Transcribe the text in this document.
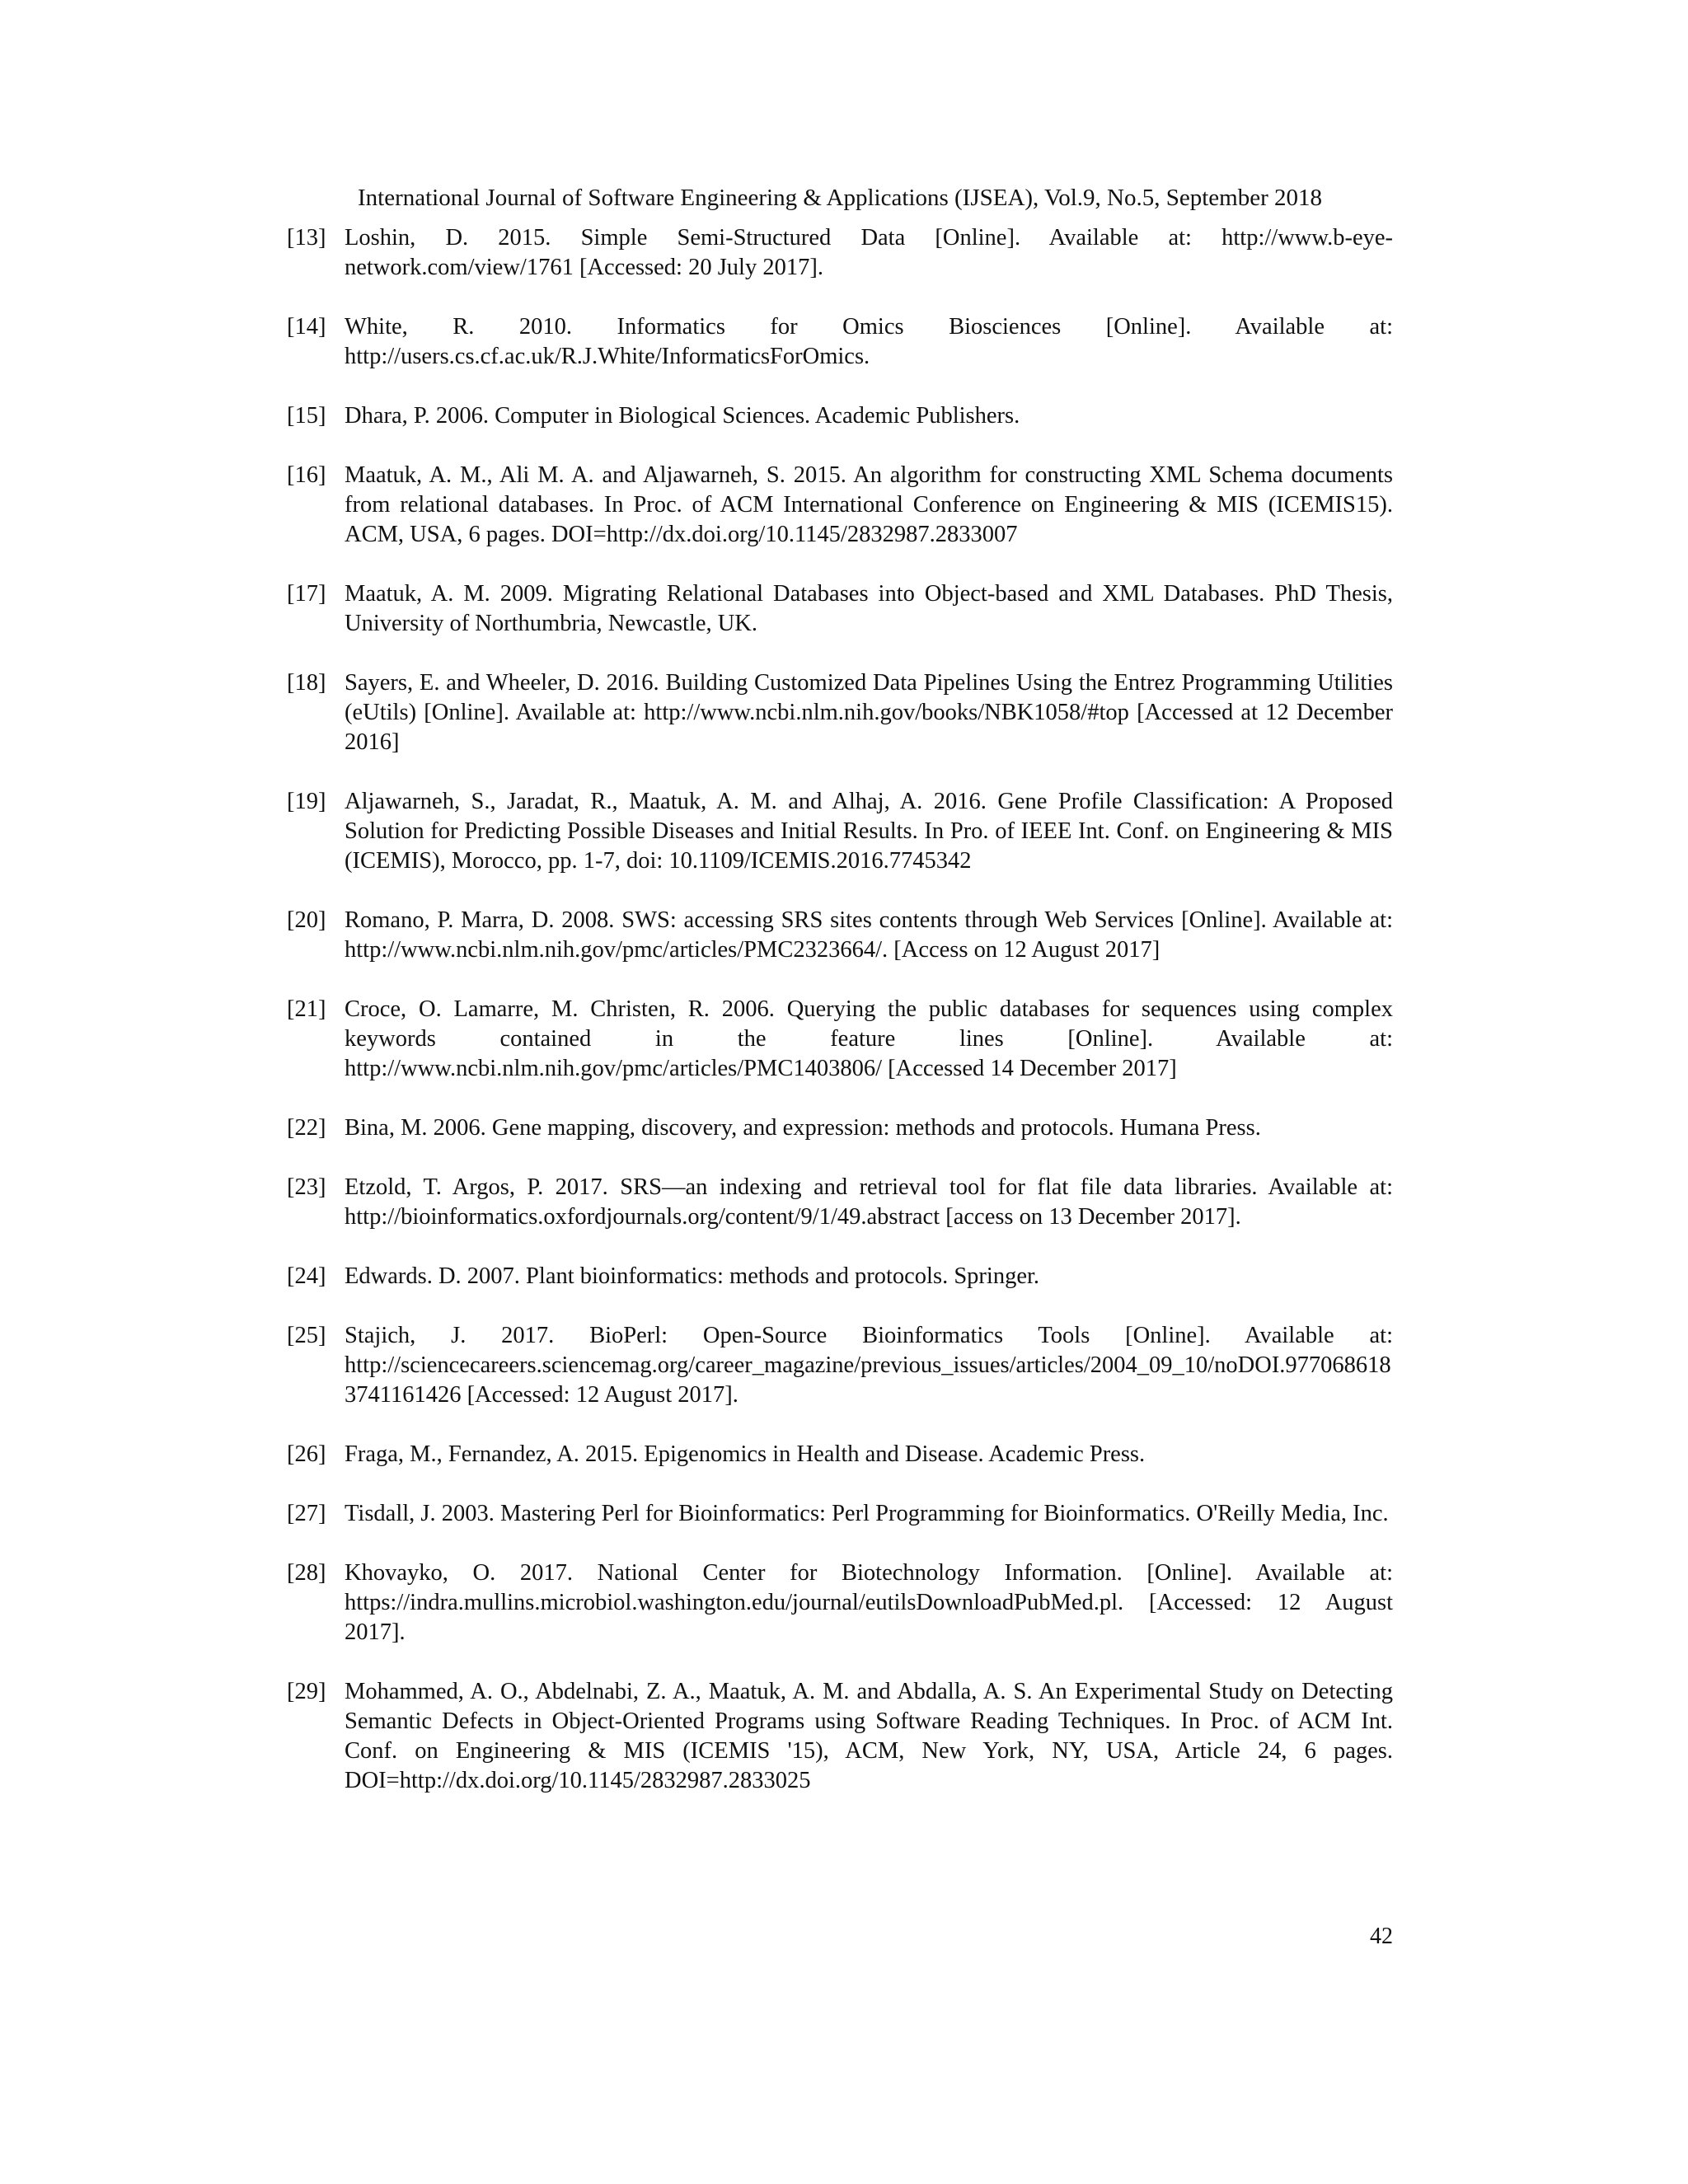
International Journal of Software Engineering & Applications (IJSEA), Vol.9, No.5, September 2018
[13] Loshin, D. 2015. Simple Semi-Structured Data [Online]. Available at: http://www.b-eye-network.com/view/1761 [Accessed: 20 July 2017].
[14] White, R. 2010. Informatics for Omics Biosciences [Online]. Available at: http://users.cs.cf.ac.uk/R.J.White/InformaticsForOmics.
[15] Dhara, P. 2006. Computer in Biological Sciences. Academic Publishers.
[16] Maatuk, A. M., Ali M. A. and Aljawarneh, S. 2015. An algorithm for constructing XML Schema documents from relational databases. In Proc. of ACM International Conference on Engineering & MIS (ICEMIS15). ACM, USA, 6 pages. DOI=http://dx.doi.org/10.1145/2832987.2833007
[17] Maatuk, A. M. 2009. Migrating Relational Databases into Object-based and XML Databases. PhD Thesis, University of Northumbria, Newcastle, UK.
[18] Sayers, E. and Wheeler, D. 2016. Building Customized Data Pipelines Using the Entrez Programming Utilities (eUtils) [Online]. Available at: http://www.ncbi.nlm.nih.gov/books/NBK1058/#top [Accessed at 12 December 2016]
[19] Aljawarneh, S., Jaradat, R., Maatuk, A. M. and Alhaj, A. 2016. Gene Profile Classification: A Proposed Solution for Predicting Possible Diseases and Initial Results. In Pro. of IEEE Int. Conf. on Engineering & MIS (ICEMIS), Morocco, pp. 1-7, doi: 10.1109/ICEMIS.2016.7745342
[20] Romano, P. Marra, D. 2008. SWS: accessing SRS sites contents through Web Services [Online]. Available at: http://www.ncbi.nlm.nih.gov/pmc/articles/PMC2323664/. [Access on 12 August 2017]
[21] Croce, O. Lamarre, M. Christen, R. 2006. Querying the public databases for sequences using complex keywords contained in the feature lines [Online]. Available at: http://www.ncbi.nlm.nih.gov/pmc/articles/PMC1403806/ [Accessed 14 December 2017]
[22] Bina, M. 2006. Gene mapping, discovery, and expression: methods and protocols. Humana Press.
[23] Etzold, T. Argos, P. 2017. SRS—an indexing and retrieval tool for flat file data libraries. Available at: http://bioinformatics.oxfordjournals.org/content/9/1/49.abstract [access on 13 December 2017].
[24] Edwards. D. 2007. Plant bioinformatics: methods and protocols. Springer.
[25] Stajich, J. 2017. BioPerl: Open-Source Bioinformatics Tools [Online]. Available at: http://sciencecareers.sciencemag.org/career_magazine/previous_issues/articles/2004_09_10/noDOI.9770686183741161426 [Accessed: 12 August 2017].
[26] Fraga, M., Fernandez, A. 2015. Epigenomics in Health and Disease. Academic Press.
[27] Tisdall, J. 2003. Mastering Perl for Bioinformatics: Perl Programming for Bioinformatics. O'Reilly Media, Inc.
[28] Khovayko, O. 2017. National Center for Biotechnology Information. [Online]. Available at: https://indra.mullins.microbiol.washington.edu/journal/eutilsDownloadPubMed.pl. [Accessed: 12 August 2017].
[29] Mohammed, A. O., Abdelnabi, Z. A., Maatuk, A. M. and Abdalla, A. S. An Experimental Study on Detecting Semantic Defects in Object-Oriented Programs using Software Reading Techniques. In Proc. of ACM Int. Conf. on Engineering & MIS (ICEMIS '15), ACM, New York, NY, USA, Article 24, 6 pages. DOI=http://dx.doi.org/10.1145/2832987.2833025
42
